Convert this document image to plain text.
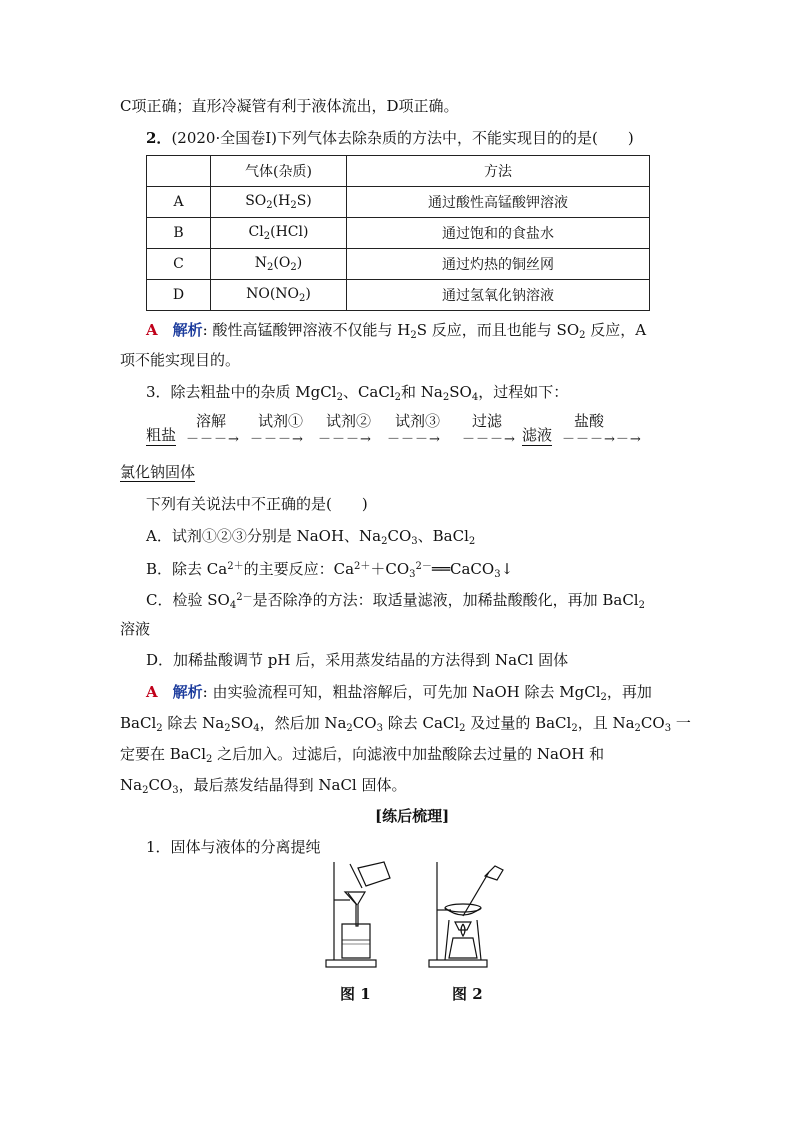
C项正确；直形冷凝管有利于液体流出，D项正确。
2．(2020·全国卷Ⅰ)下列气体去除杂质的方法中，不能实现目的的是(　　)
	气体(杂质)	方法
A	$SO_2(H_2S)$	通过酸性高锰酸钾溶液
B	$Cl_2(HCl)$	通过饱和的食盐水
C	$N_2(O_2)$	通过灼热的铜丝网
D	$NO(NO_2)$	通过氢氧化钠溶液
A　 解析: 酸性高锰酸钾溶液不仅能与 $H_2S$ 反应，而且也能与 $SO_2$ 反应，A
项不能实现目的。
3．除去粗盐中的杂质 MgCl$_2$、CaCl$_2$和 $Na_2SO_4$，过程如下：
粗盐
溶解
－－－→
试剂①
－－－→
试剂②
－－－→
试剂③
－－－→
过滤
－－－→ 滤液
盐酸
－－－→－→
氯化钠固体
下列有关说法中不正确的是(　　)
A．试剂①②③分别是 NaOH、$Na_2CO_3$、BaCl$_2$
B．除去 $Ca^{2+}$的主要反应：$Ca^{2+}+CO_3^{2-}══CaCO_3↓$
C．检验 $SO_4^{2-}$是否除净的方法：取适量滤液，加稀盐酸酸化，再加 BaCl$_2$
溶液
D．加稀盐酸调节 pH 后，采用蒸发结晶的方法得到 NaCl 固体
A　 解析: 由实验流程可知，粗盐溶解后，可先加 NaOH 除去 MgCl$_2$，再加
BaCl$_2$ 除去 $Na_2SO_4$，然后加 $Na_2CO_3$ 除去 CaCl$_2$ 及过量的 BaCl$_2$，且 $Na_2CO_3$ 一
定要在 BaCl$_2$ 之后加入。过滤后，向滤液中加盐酸除去过量的 NaOH 和
$Na_2CO_3$，最后蒸发结晶得到 NaCl 固体。
[练后梳理]
1．固体与液体的分离提纯
图 1	图 2
